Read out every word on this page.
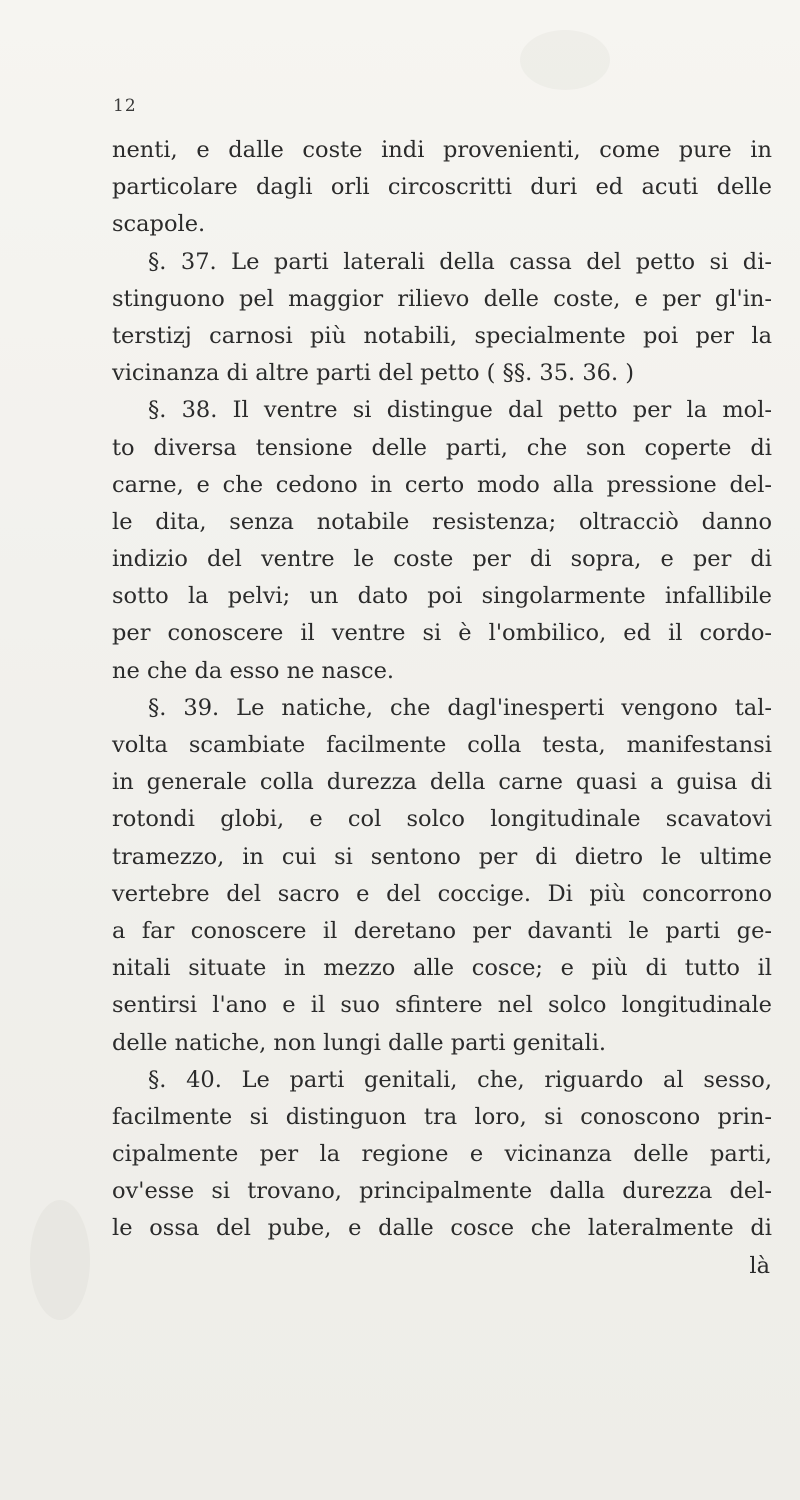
12
nenti, e dalle coste indi provenienti, come pure in
particolare dagli orli circoscritti duri ed acuti delle
scapole.
§. 37. Le parti laterali della cassa del petto si di-
stinguono pel maggior rilievo delle coste, e per gl'in-
terstizj carnosi più notabili, specialmente poi per la
vicinanza di altre parti del petto ( §§. 35. 36. )
§. 38. Il ventre si distingue dal petto per la mol-
to diversa tensione delle parti, che son coperte di
carne, e che cedono in certo modo alla pressione del-
le dita, senza notabile resistenza; oltracciò danno
indizio del ventre le coste per di sopra, e per di
sotto la pelvi; un dato poi singolarmente infallibile
per conoscere il ventre si è l'ombilico, ed il cordo-
ne che da esso ne nasce.
§. 39. Le natiche, che dagl'inesperti vengono tal-
volta scambiate facilmente colla testa, manifestansi
in generale colla durezza della carne quasi a guisa di
rotondi globi, e col solco longitudinale scavatovi
tramezzo, in cui si sentono per di dietro le ultime
vertebre del sacro e del coccige. Di più concorrono
a far conoscere il deretano per davanti le parti ge-
nitali situate in mezzo alle cosce; e più di tutto il
sentirsi l'ano e il suo sfintere nel solco longitudinale
delle natiche, non lungi dalle parti genitali.
§. 40. Le parti genitali, che, riguardo al sesso,
facilmente si distinguon tra loro, si conoscono prin-
cipalmente per la regione e vicinanza delle parti,
ov'esse si trovano, principalmente dalla durezza del-
le ossa del pube, e dalle cosce che lateralmente di
là
